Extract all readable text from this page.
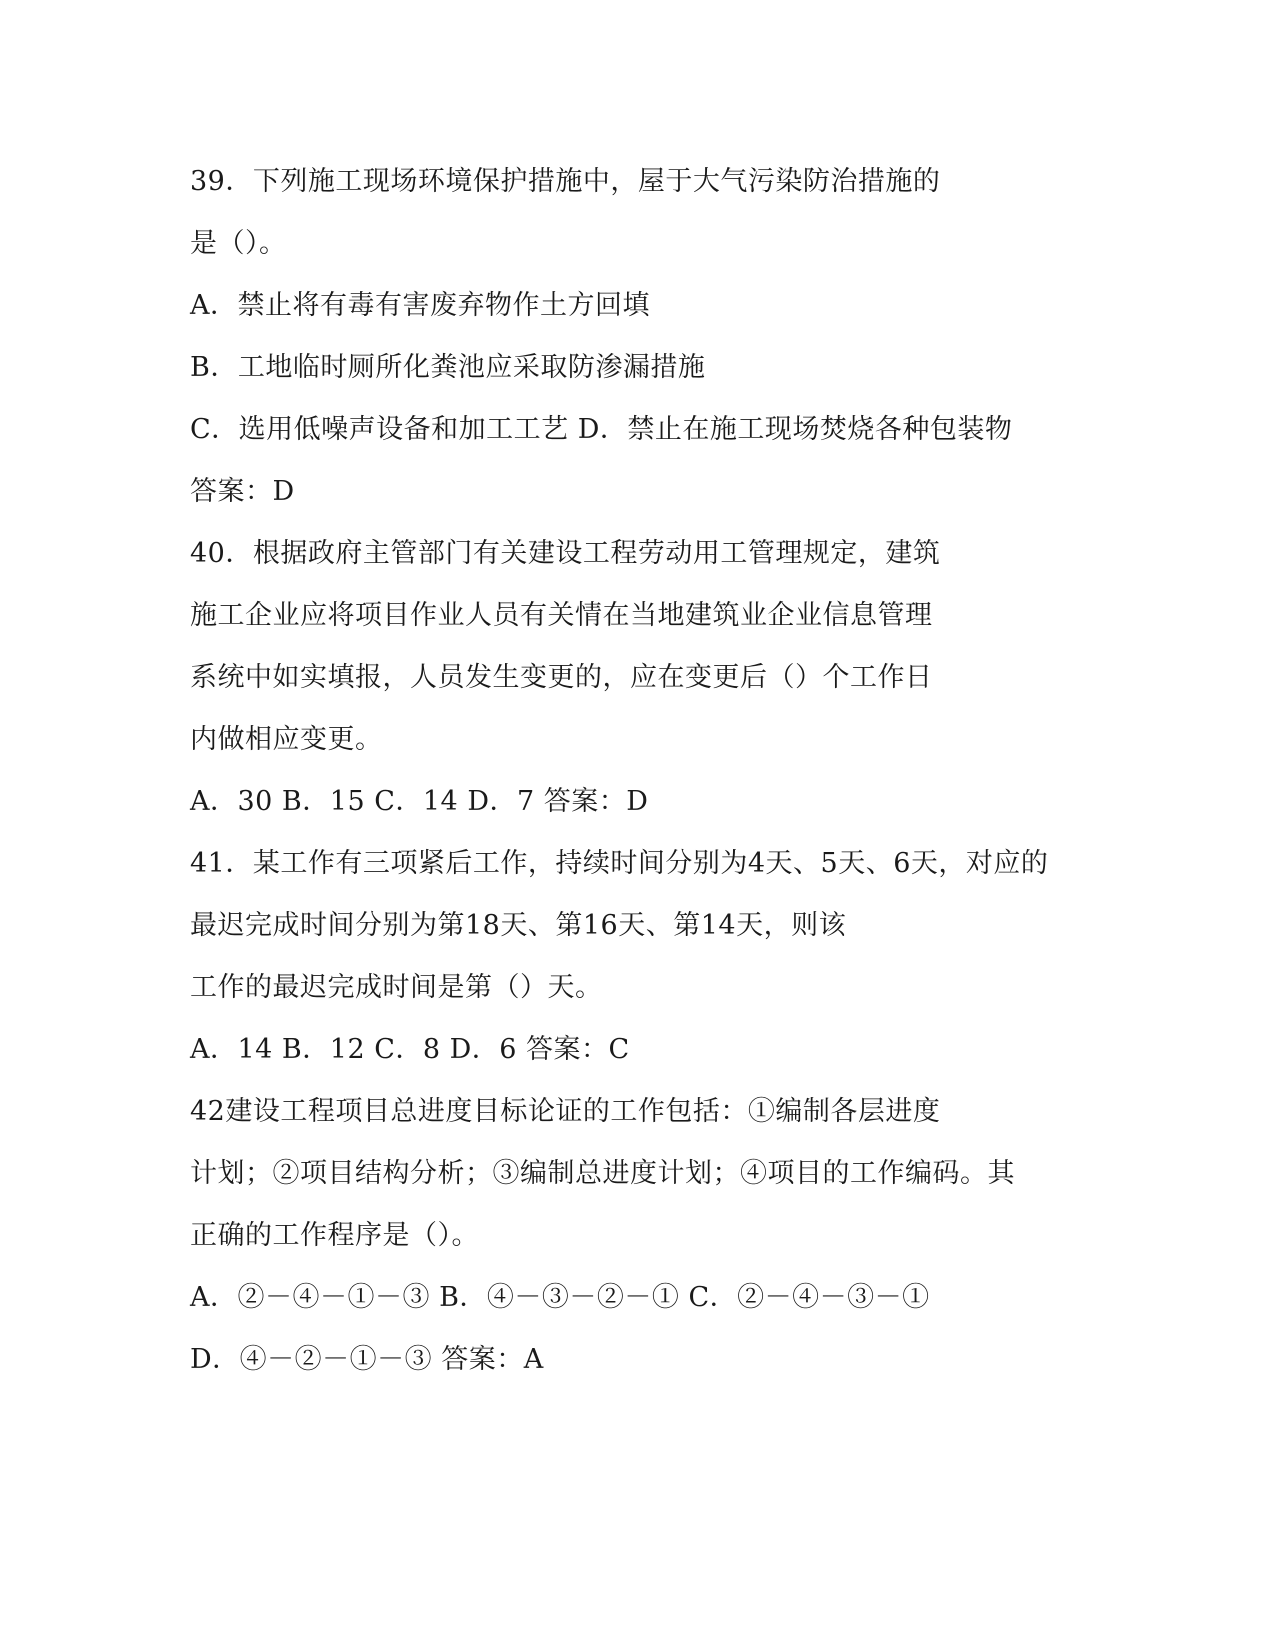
39．下列施工现场环境保护措施中，屋于大气污染防治措施的

是（）。

A．禁止将有毒有害废弃物作土方回填

B．工地临时厕所化粪池应采取防渗漏措施

C．选用低噪声设备和加工工艺 D．禁止在施工现场焚烧各种包装物

答案：D

40．根据政府主管部门有关建设工程劳动用工管理规定，建筑

施工企业应将项目作业人员有关情在当地建筑业企业信息管理

系统中如实填报，人员发生变更的，应在变更后（）个工作日

内做相应变更。

A．30 B．15 C．14 D．7 答案：D

41．某工作有三项紧后工作，持续时间分别为4天、5天、6天，对应的

最迟完成时间分别为第18天、第16天、第14天，则该

工作的最迟完成时间是第（）天。

A．14 B．12 C．8 D．6 答案：C

42建设工程项目总进度目标论证的工作包括：①编制各层进度

计划；②项目结构分析；③编制总进度计划；④项目的工作编码。其

正确的工作程序是（）。

A．②－④－①－③ B．④－③－②－① C．②－④－③－①

D．④－②－①－③ 答案：A
